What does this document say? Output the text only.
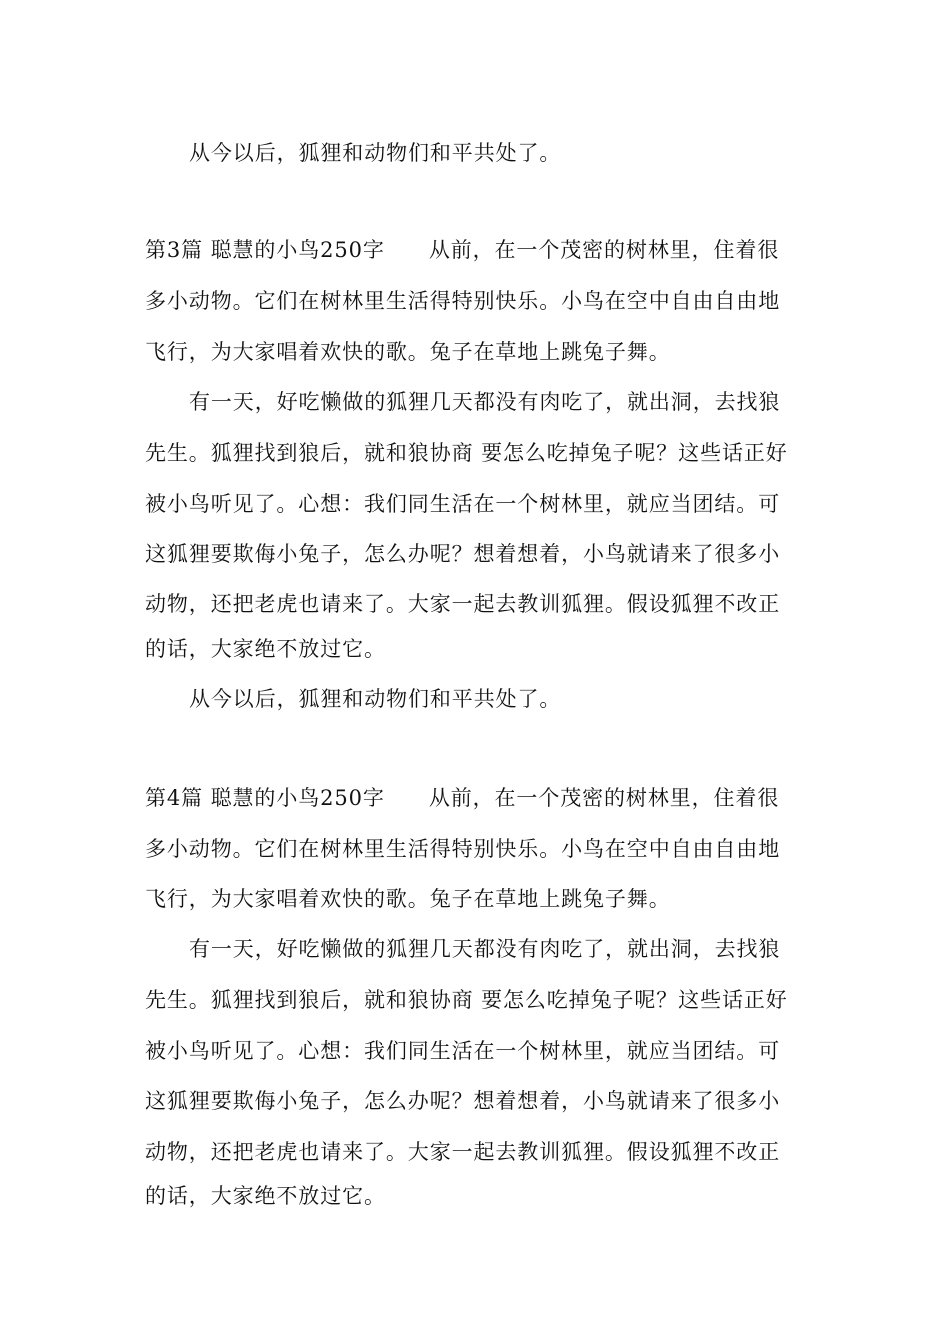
从今以后，狐狸和动物们和平共处了。
第3篇 聪慧的小鸟250字 从前，在一个茂密的树林里，住着很
多小动物。它们在树林里生活得特别快乐。小鸟在空中自由自由地
飞行，为大家唱着欢快的歌。兔子在草地上跳兔子舞。
有一天，好吃懒做的狐狸几天都没有肉吃了，就出洞，去找狼
先生。狐狸找到狼后，就和狼协商 要怎么吃掉兔子呢？这些话正好
被小鸟听见了。心想：我们同生活在一个树林里，就应当团结。可
这狐狸要欺侮小兔子，怎么办呢？想着想着，小鸟就请来了很多小
动物，还把老虎也请来了。大家一起去教训狐狸。假设狐狸不改正
的话，大家绝不放过它。
从今以后，狐狸和动物们和平共处了。
第4篇 聪慧的小鸟250字 从前，在一个茂密的树林里，住着很
多小动物。它们在树林里生活得特别快乐。小鸟在空中自由自由地
飞行，为大家唱着欢快的歌。兔子在草地上跳兔子舞。
有一天，好吃懒做的狐狸几天都没有肉吃了，就出洞，去找狼
先生。狐狸找到狼后，就和狼协商 要怎么吃掉兔子呢？这些话正好
被小鸟听见了。心想：我们同生活在一个树林里，就应当团结。可
这狐狸要欺侮小兔子，怎么办呢？想着想着，小鸟就请来了很多小
动物，还把老虎也请来了。大家一起去教训狐狸。假设狐狸不改正
的话，大家绝不放过它。
